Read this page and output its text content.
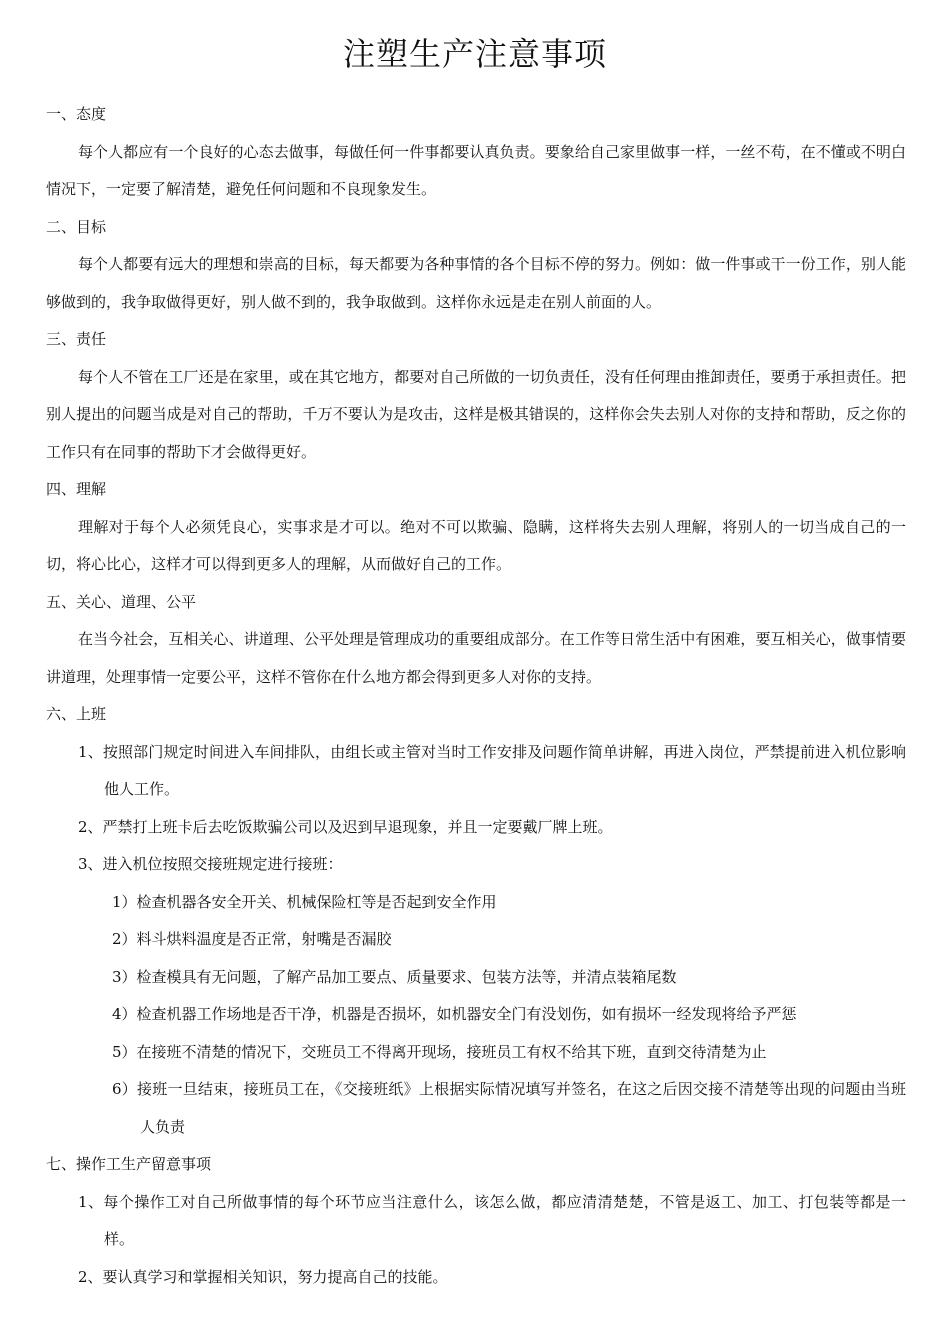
注塑生产注意事项

一、态度

每个人都应有一个良好的心态去做事，每做任何一件事都要认真负责。要象给自己家里做事一样，一丝不苟，在不懂或不明白情况下，一定要了解清楚，避免任何问题和不良现象发生。

二、目标

每个人都要有远大的理想和崇高的目标，每天都要为各种事情的各个目标不停的努力。例如：做一件事或干一份工作，别人能够做到的，我争取做得更好，别人做不到的，我争取做到。这样你永远是走在别人前面的人。

三、责任

每个人不管在工厂还是在家里，或在其它地方，都要对自己所做的一切负责任，没有任何理由推卸责任，要勇于承担责任。把别人提出的问题当成是对自己的帮助，千万不要认为是攻击，这样是极其错误的，这样你会失去别人对你的支持和帮助，反之你的工作只有在同事的帮助下才会做得更好。

四、理解

理解对于每个人必须凭良心，实事求是才可以。绝对不可以欺骗、隐瞒，这样将失去别人理解，将别人的一切当成自己的一切，将心比心，这样才可以得到更多人的理解，从而做好自己的工作。

五、关心、道理、公平

在当今社会，互相关心、讲道理、公平处理是管理成功的重要组成部分。在工作等日常生活中有困难，要互相关心，做事情要讲道理，处理事情一定要公平，这样不管你在什么地方都会得到更多人对你的支持。

六、上班

1、按照部门规定时间进入车间排队，由组长或主管对当时工作安排及问题作简单讲解，再进入岗位，严禁提前进入机位影响他人工作。

2、严禁打上班卡后去吃饭欺骗公司以及迟到早退现象，并且一定要戴厂牌上班。

3、进入机位按照交接班规定进行接班：

1）检查机器各安全开关、机械保险杠等是否起到安全作用

2）料斗烘料温度是否正常，射嘴是否漏胶

3）检查模具有无问题，了解产品加工要点、质量要求、包装方法等，并清点装箱尾数

4）检查机器工作场地是否干净，机器是否损坏，如机器安全门有没划伤，如有损坏一经发现将给予严惩

5）在接班不清楚的情况下，交班员工不得离开现场，接班员工有权不给其下班，直到交待清楚为止

6）接班一旦结束，接班员工在，《交接班纸》上根据实际情况填写并签名，在这之后因交接不清楚等出现的问题由当班人负责

七、操作工生产留意事项

1、每个操作工对自己所做事情的每个环节应当注意什么，该怎么做，都应清清楚楚，不管是返工、加工、打包装等都是一样。

2、要认真学习和掌握相关知识，努力提高自己的技能。
